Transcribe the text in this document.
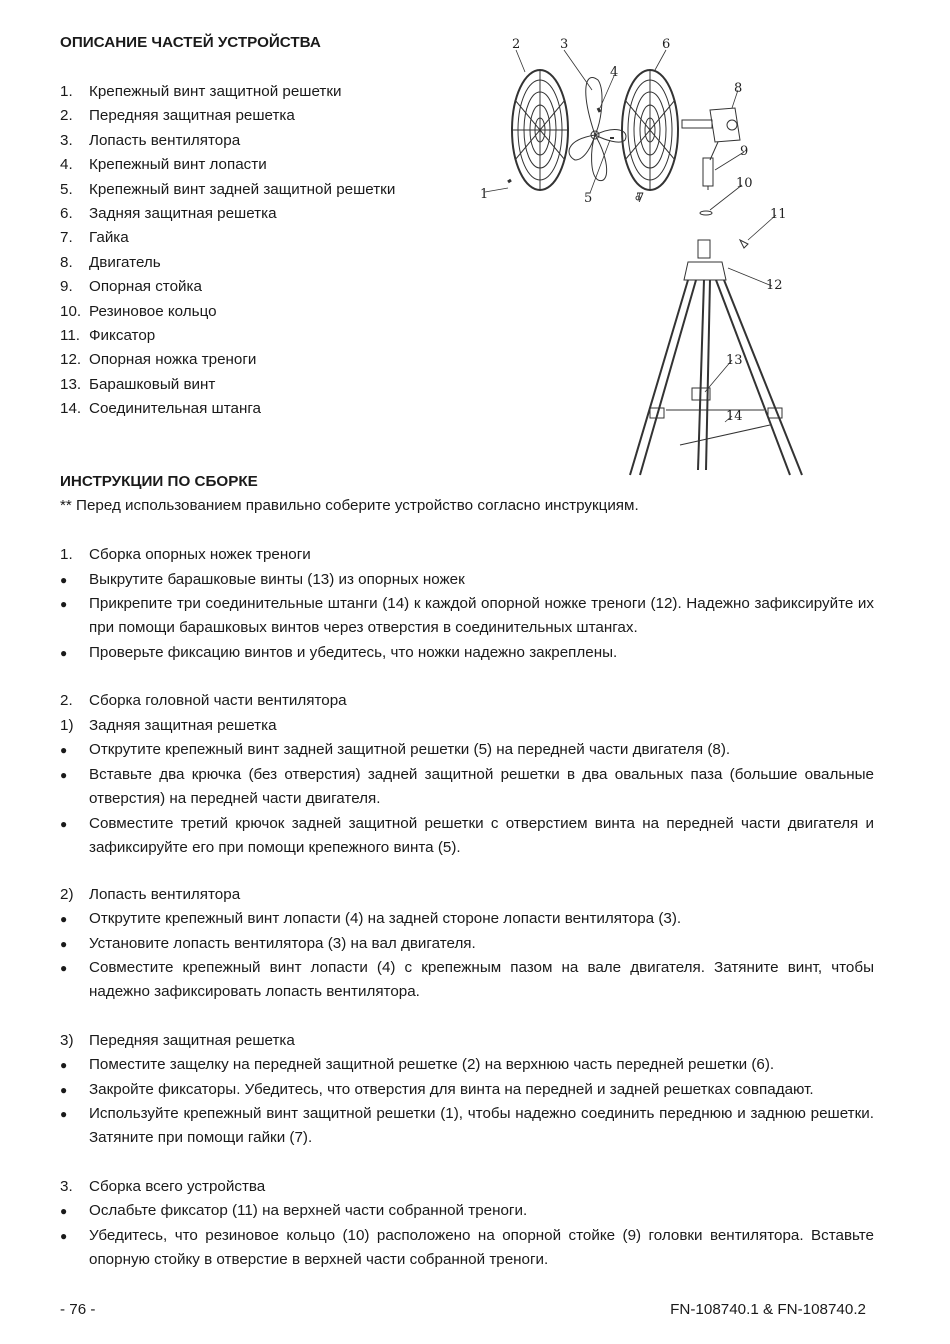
ОПИСАНИЕ ЧАСТЕЙ УСТРОЙСТВА
1. Крепежный винт защитной решетки
2. Передняя защитная решетка
3. Лопасть вентилятора
4. Крепежный винт лопасти
5. Крепежный винт задней защитной решетки
6. Задняя защитная решетка
7. Гайка
8. Двигатель
9. Опорная стойка
10. Резиновое кольцо
11. Фиксатор
12. Опорная ножка треноги
13. Барашковый винт
14. Соединительная штанга
1
2	3
4
5
6
7
8
9
10
11
12
13
14
ИНСТРУКЦИИ ПО СБОРКЕ
** Перед использованием правильно соберите устройство согласно инструкциям.
1. Сборка опорных ножек треноги
● Выкрутите барашковые винты (13) из опорных ножек
● Прикрепите три соединительные штанги (14) к каждой опорной ножке треноги (12). Надежно зафиксируйте их при помощи барашковых винтов через отверстия в соединительных штангах.
● Проверьте фиксацию винтов и убедитесь, что ножки надежно закреплены.
2. Сборка головной части вентилятора
1) Задняя защитная решетка
● Открутите крепежный винт задней защитной решетки (5) на передней части двигателя (8).
● Вставьте два крючка (без отверстия) задней защитной решетки в два овальных паза (большие овальные отверстия) на передней части двигателя.
● Совместите третий крючок задней защитной решетки с отверстием винта на передней части двигателя и зафиксируйте его при помощи крепежного винта (5).
2) Лопасть вентилятора
● Открутите крепежный винт лопасти (4) на задней стороне лопасти вентилятора (3).
● Установите лопасть вентилятора (3) на вал двигателя.
● Совместите крепежный винт лопасти (4) с крепежным пазом на вале двигателя. Затяните винт, чтобы надежно зафиксировать лопасть вентилятора.
3) Передняя защитная решетка
● Поместите защелку на передней защитной решетке (2) на верхнюю часть передней решетки (6).
● Закройте фиксаторы. Убедитесь, что отверстия для винта на передней и задней решетках совпадают.
● Используйте крепежный винт защитной решетки (1), чтобы надежно соединить переднюю и заднюю решетки. Затяните при помощи гайки (7).
3. Сборка всего устройства
● Ослабьте фиксатор (11) на верхней части собранной треноги.
● Убедитесь, что резиновое кольцо (10) расположено на опорной стойке (9) головки вентилятора. Вставьте опорную стойку в отверстие в верхней части собранной треноги.
- 76 -	FN-108740.1 & FN-108740.2
